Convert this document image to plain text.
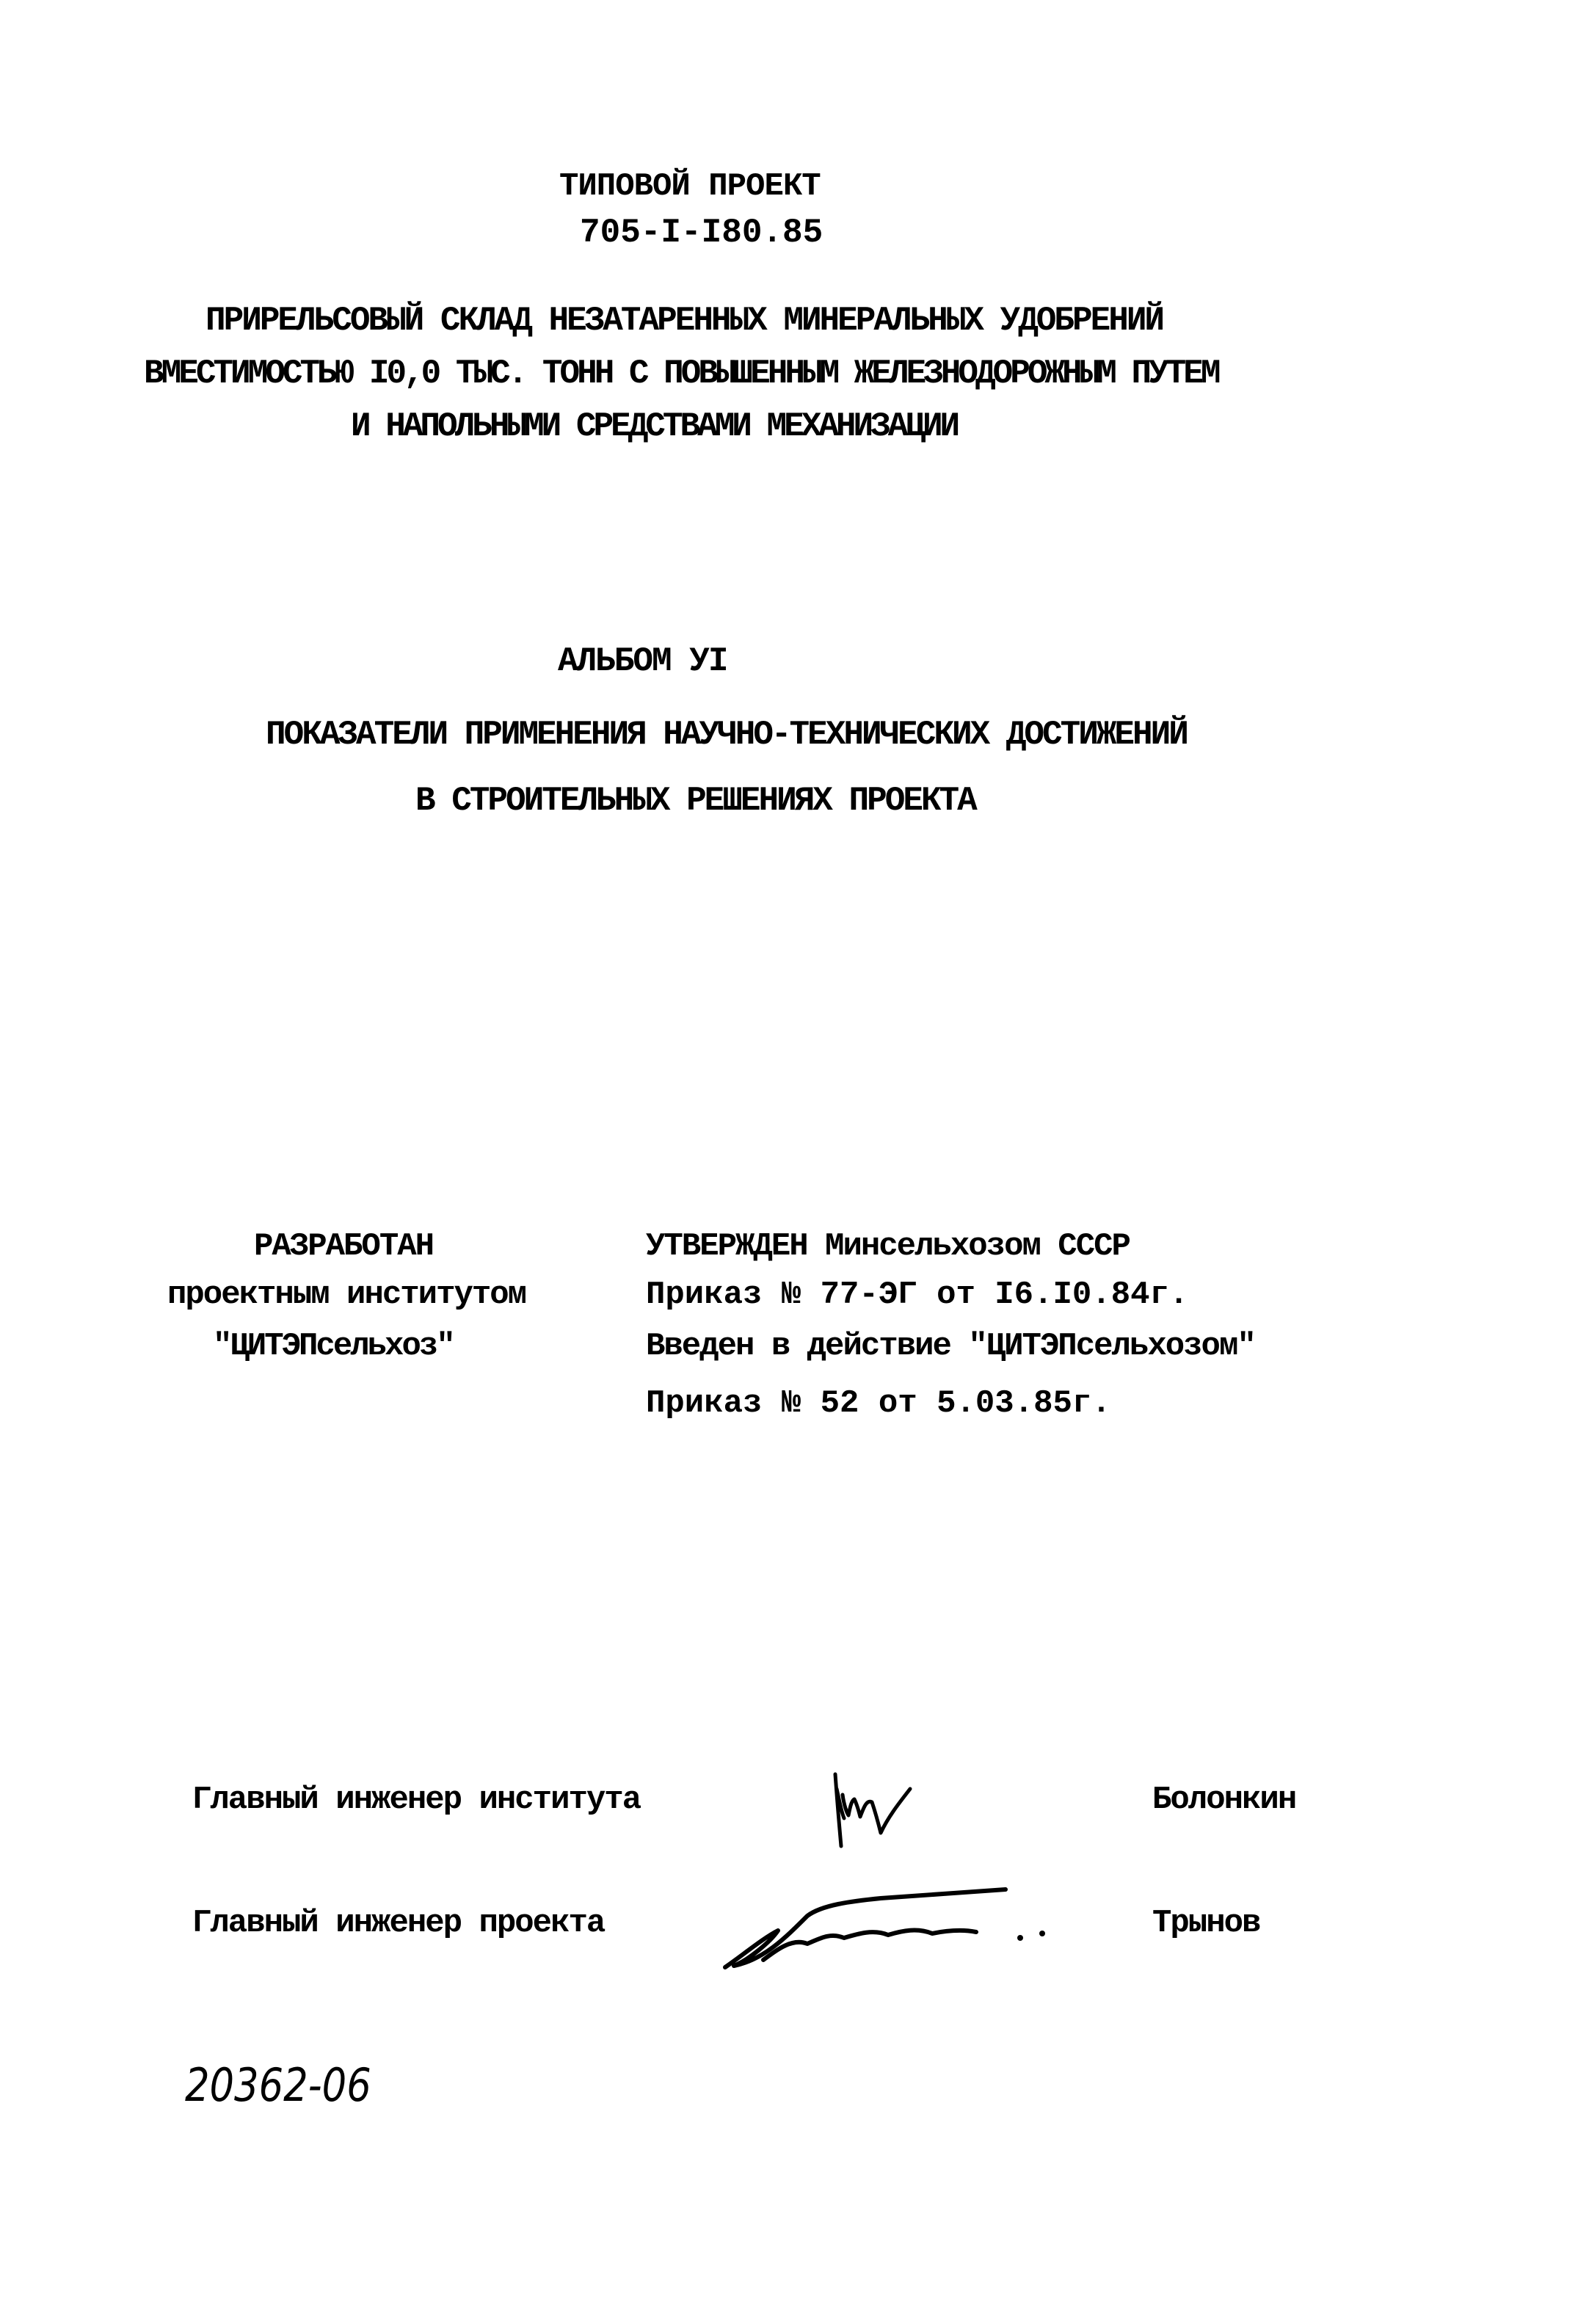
ТИПОВОЙ ПРОЕКТ
705-I-I80.85
ПРИРЕЛЬСОВЫЙ СКЛАД НЕЗАТАРЕННЫХ МИНЕРАЛЬНЫХ УДОБРЕНИЙ
ВМЕСТИМОСТЬЮ I0,0 ТЫС. ТОНН С ПОВЫШЕННЫМ ЖЕЛЕЗНОДОРОЖНЫМ ПУТЕМ
И НАПОЛЬНЫМИ СРЕДСТВАМИ МЕХАНИЗАЦИИ
АЛЬБОМ УI
ПОКАЗАТЕЛИ ПРИМЕНЕНИЯ НАУЧНО-ТЕХНИЧЕСКИХ ДОСТИЖЕНИЙ
В СТРОИТЕЛЬНЫХ РЕШЕНИЯХ ПРОЕКТА
РАЗРАБОТАН
проектным институтом
"ЦИТЭПсельхоз"
УТВЕРЖДЕН Минсельхозом СССР
Приказ № 77-ЭГ от I6.I0.84г.
Введен в действие "ЦИТЭПсельхозом"
Приказ № 52 от 5.03.85г.
Главный инженер института	Болонкин
Главный инженер проекта	Трынов
20362-06
